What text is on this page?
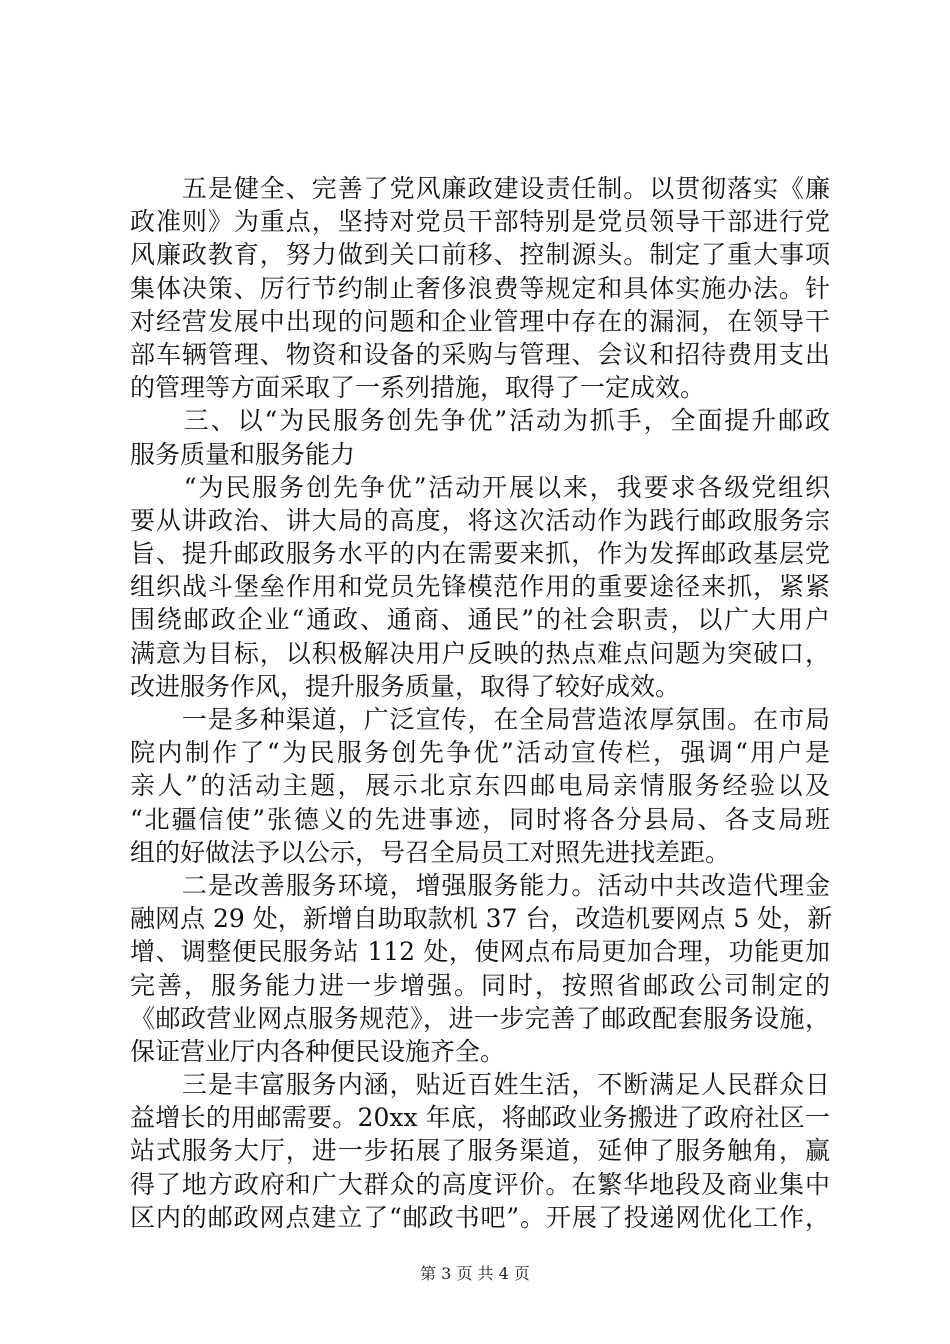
　　五是健全、完善了党风廉政建设责任制。以贯彻落实《廉
政准则》为重点，坚持对党员干部特别是党员领导干部进行党
风廉政教育，努力做到关口前移、控制源头。制定了重大事项
集体决策、厉行节约制止奢侈浪费等规定和具体实施办法。针
对经营发展中出现的问题和企业管理中存在的漏洞，在领导干
部车辆管理、物资和设备的采购与管理、会议和招待费用支出
的管理等方面采取了一系列措施，取得了一定成效。
　　三、以“为民服务创先争优”活动为抓手，全面提升邮政
服务质量和服务能力
　　“为民服务创先争优”活动开展以来，我要求各级党组织
要从讲政治、讲大局的高度，将这次活动作为践行邮政服务宗
旨、提升邮政服务水平的内在需要来抓，作为发挥邮政基层党
组织战斗堡垒作用和党员先锋模范作用的重要途径来抓，紧紧
围绕邮政企业“通政、通商、通民”的社会职责，以广大用户
满意为目标，以积极解决用户反映的热点难点问题为突破口，
改进服务作风，提升服务质量，取得了较好成效。
　　一是多种渠道，广泛宣传，在全局营造浓厚氛围。在市局
院内制作了“为民服务创先争优”活动宣传栏，强调“用户是
亲人”的活动主题，展示北京东四邮电局亲情服务经验以及
“北疆信使”张德义的先进事迹，同时将各分县局、各支局班
组的好做法予以公示，号召全局员工对照先进找差距。
　　二是改善服务环境，增强服务能力。活动中共改造代理金
融网点 29 处，新增自助取款机 37 台，改造机要网点 5 处，新
增、调整便民服务站 112 处，使网点布局更加合理，功能更加
完善，服务能力进一步增强。同时，按照省邮政公司制定的
《邮政营业网点服务规范》，进一步完善了邮政配套服务设施，
保证营业厅内各种便民设施齐全。
　　三是丰富服务内涵，贴近百姓生活，不断满足人民群众日
益增长的用邮需要。20xx 年底，将邮政业务搬进了政府社区一
站式服务大厅，进一步拓展了服务渠道，延伸了服务触角，赢
得了地方政府和广大群众的高度评价。在繁华地段及商业集中
区内的邮政网点建立了“邮政书吧”。开展了投递网优化工作，
第 3 页 共 4 页
